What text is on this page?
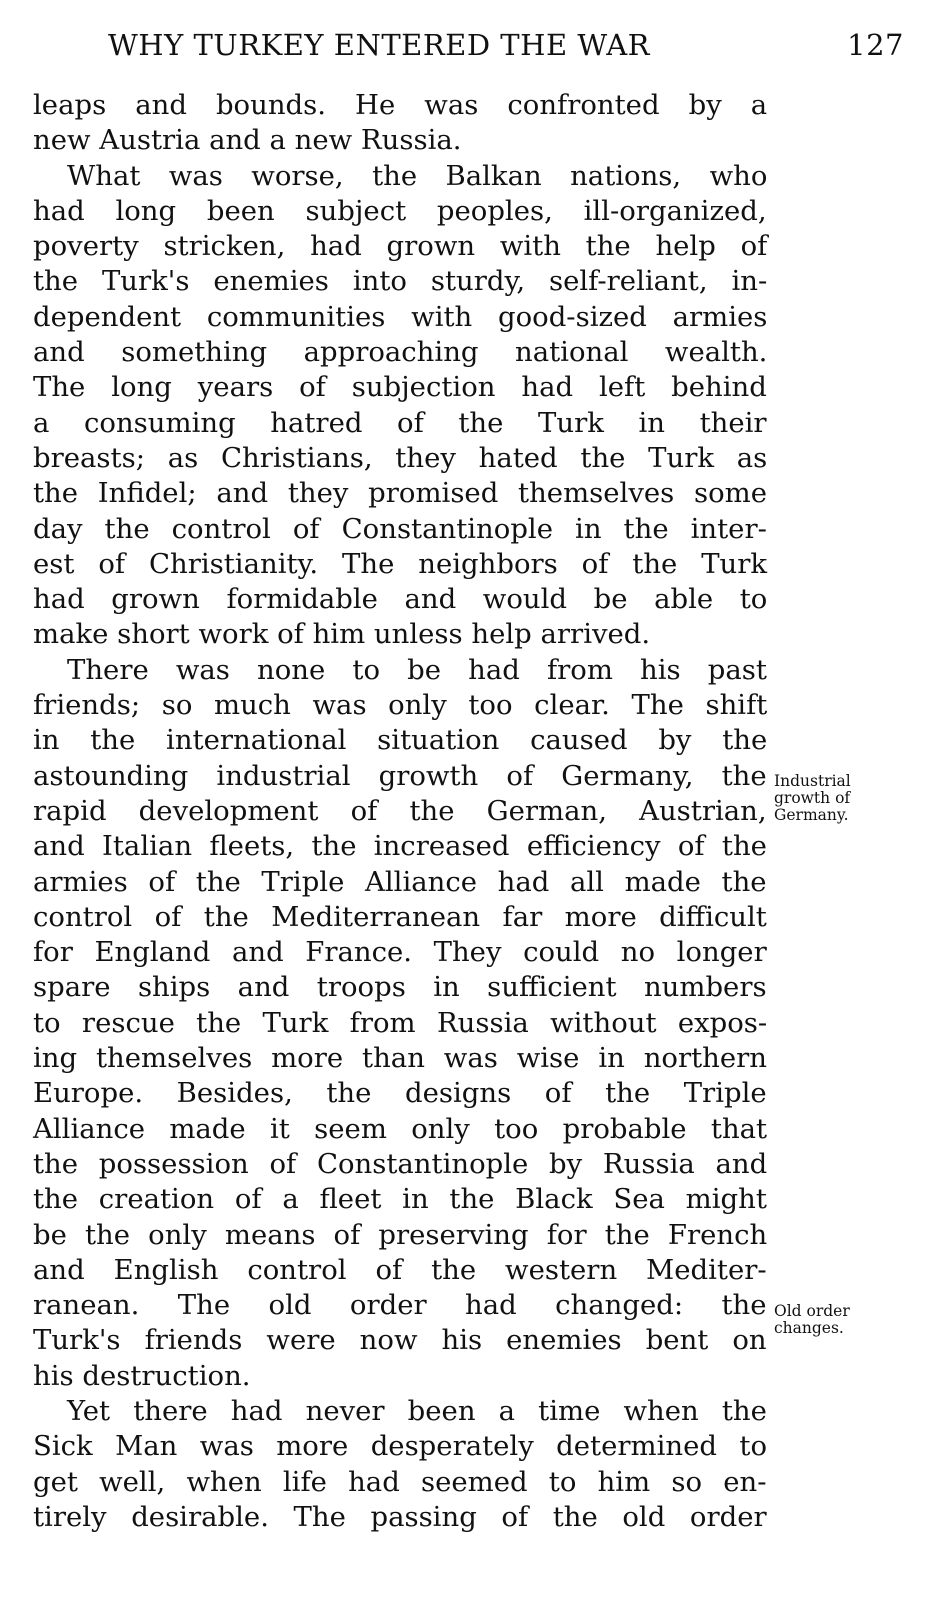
WHY TURKEY ENTERED THE WAR	127
leaps and bounds. He was confronted by a
new Austria and a new Russia.
What was worse, the Balkan nations, who
had long been subject peoples, ill-organized,
poverty stricken, had grown with the help of
the Turk's enemies into sturdy, self-reliant, in-
dependent communities with good-sized armies
and something approaching national wealth.
The long years of subjection had left behind
a consuming hatred of the Turk in their
breasts; as Christians, they hated the Turk as
the Infidel; and they promised themselves some
day the control of Constantinople in the inter-
est of Christianity. The neighbors of the Turk
had grown formidable and would be able to
make short work of him unless help arrived.
There was none to be had from his past
friends; so much was only too clear. The shift
in the international situation caused by the
astounding industrial growth of Germany, the
rapid development of the German, Austrian,
and Italian fleets, the increased efficiency of the
armies of the Triple Alliance had all made the
control of the Mediterranean far more difficult
for England and France. They could no longer
spare ships and troops in sufficient numbers
to rescue the Turk from Russia without expos-
ing themselves more than was wise in northern
Europe. Besides, the designs of the Triple
Alliance made it seem only too probable that
the possession of Constantinople by Russia and
the creation of a fleet in the Black Sea might
be the only means of preserving for the French
and English control of the western Mediter-
ranean. The old order had changed: the
Turk's friends were now his enemies bent on
his destruction.
Yet there had never been a time when the
Sick Man was more desperately determined to
get well, when life had seemed to him so en-
tirely desirable. The passing of the old order
Industrial
growth of
Germany.
Old order
changes.
